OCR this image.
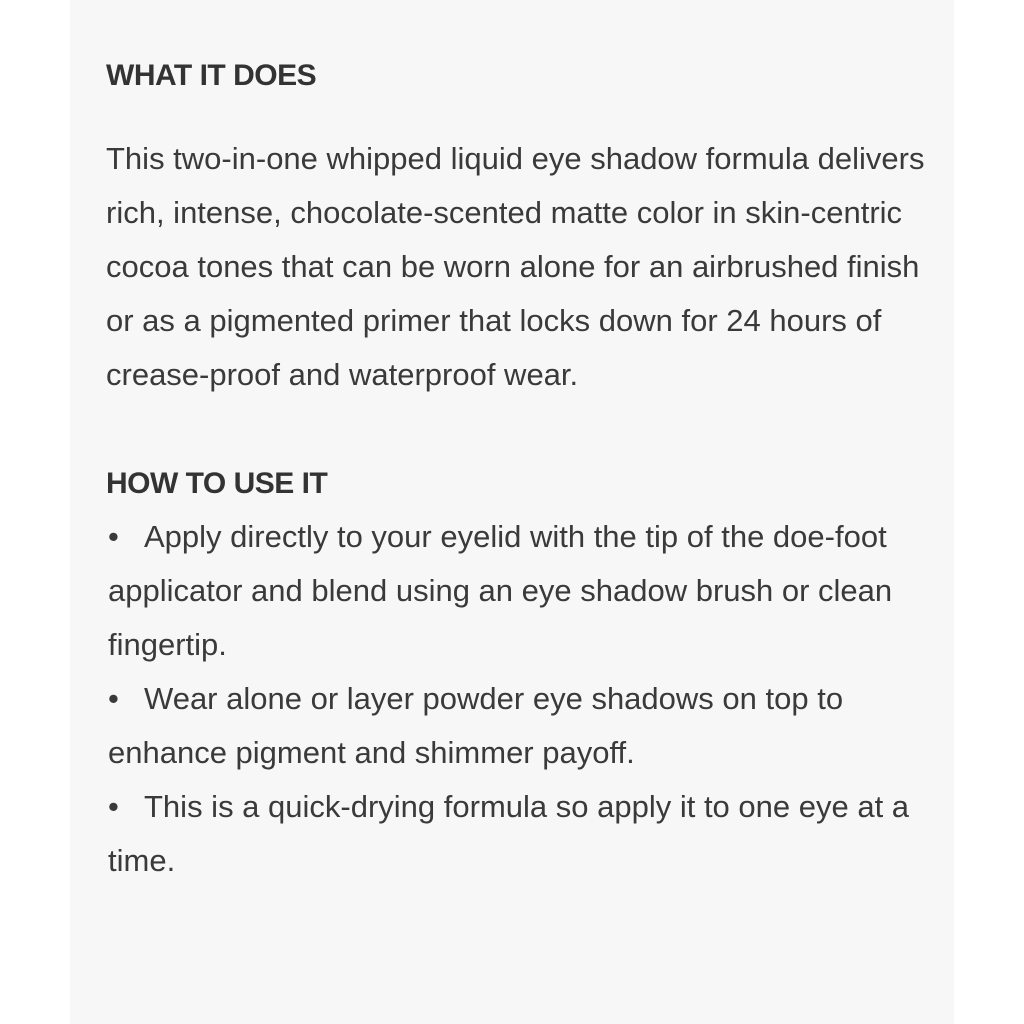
WHAT IT DOES

This two-in-one whipped liquid eye shadow formula delivers rich, intense, chocolate-scented matte color in skin-centric cocoa tones that can be worn alone for an airbrushed finish or as a pigmented primer that locks down for 24 hours of crease-proof and waterproof wear.

HOW TO USE IT
• Apply directly to your eyelid with the tip of the doe-foot applicator and blend using an eye shadow brush or clean fingertip.
• Wear alone or layer powder eye shadows on top to enhance pigment and shimmer payoff.
• This is a quick-drying formula so apply it to one eye at a time.
